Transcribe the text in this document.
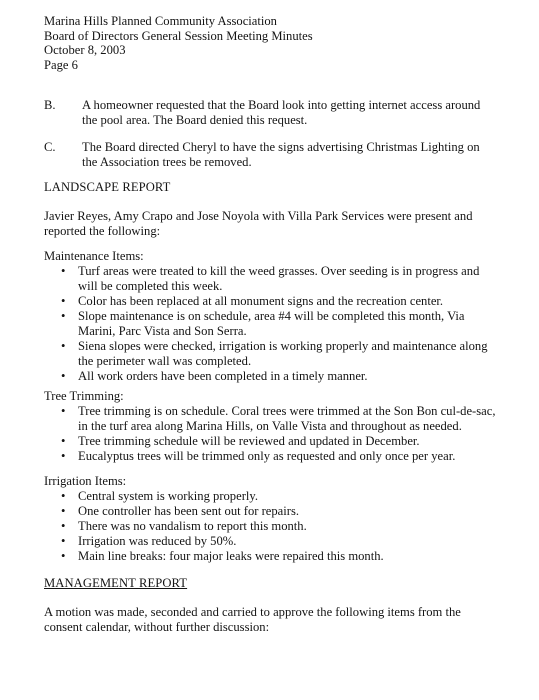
Marina Hills Planned Community Association
Board of Directors General Session Meeting Minutes
October 8, 2003
Page 6
B. A homeowner requested that the Board look into getting internet access around the pool area. The Board denied this request.
C. The Board directed Cheryl to have the signs advertising Christmas Lighting on the Association trees be removed.
LANDSCAPE REPORT
Javier Reyes, Amy Crapo and Jose Noyola with Villa Park Services were present and reported the following:
Maintenance Items:
• Turf areas were treated to kill the weed grasses. Over seeding is in progress and will be completed this week.
• Color has been replaced at all monument signs and the recreation center.
• Slope maintenance is on schedule, area #4 will be completed this month, Via Marini, Parc Vista and Son Serra.
• Siena slopes were checked, irrigation is working properly and maintenance along the perimeter wall was completed.
• All work orders have been completed in a timely manner.
Tree Trimming:
• Tree trimming is on schedule. Coral trees were trimmed at the Son Bon cul-de-sac, in the turf area along Marina Hills, on Valle Vista and throughout as needed.
• Tree trimming schedule will be reviewed and updated in December.
• Eucalyptus trees will be trimmed only as requested and only once per year.
Irrigation Items:
• Central system is working properly.
• One controller has been sent out for repairs.
• There was no vandalism to report this month.
• Irrigation was reduced by 50%.
• Main line breaks: four major leaks were repaired this month.
MANAGEMENT REPORT
A motion was made, seconded and carried to approve the following items from the consent calendar, without further discussion:
